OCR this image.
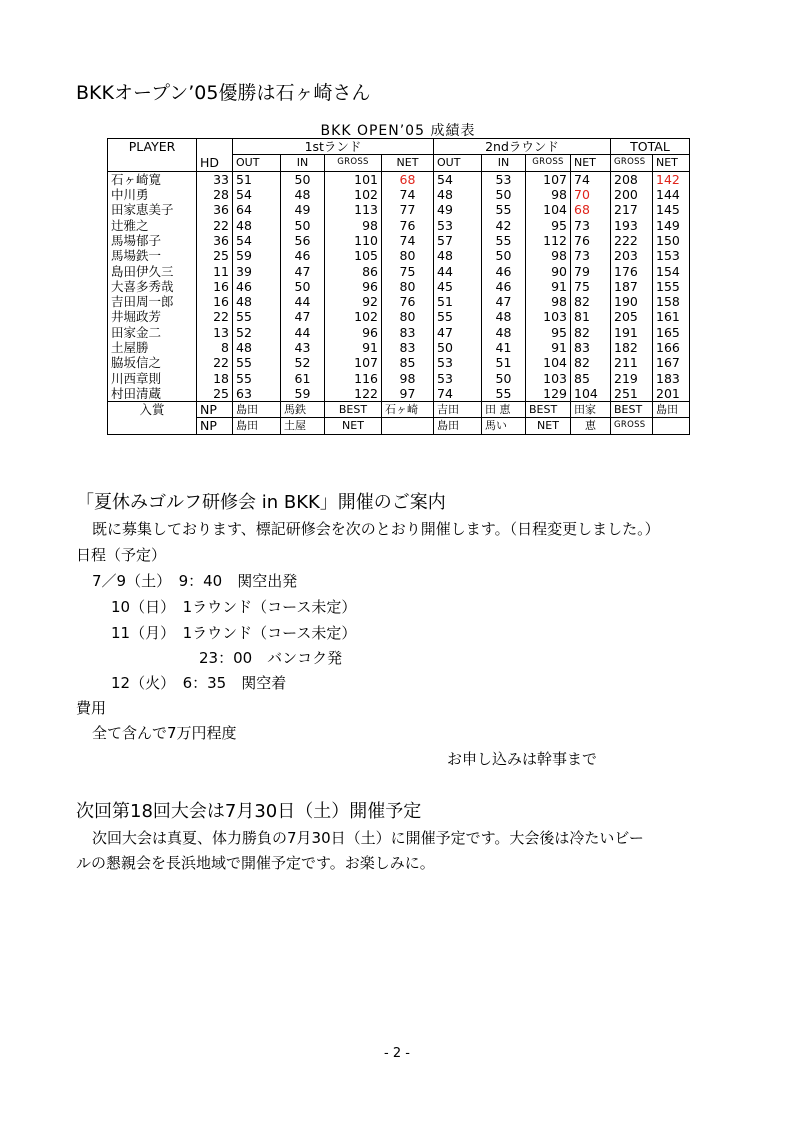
BKKオープン’05優勝は石ヶ崎さん
BKK OPEN’05 成績表
PLAYER		1stランド				2ndラウンド				TOTAL	
	HD	OUT	IN	GROSS	NET	OUT	IN	GROSS	NET	GROSS	NET
石ヶ崎寛	33	51	50	101	68	54	53	107	74	208	142
中川勇	28	54	48	102	74	48	50	98	70	200	144
田家恵美子	36	64	49	113	77	49	55	104	68	217	145
辻雅之	22	48	50	98	76	53	42	95	73	193	149
馬場郁子	36	54	56	110	74	57	55	112	76	222	150
馬場鉄一	25	59	46	105	80	48	50	98	73	203	153
島田伊久三	11	39	47	86	75	44	46	90	79	176	154
大喜多秀哉	16	46	50	96	80	45	46	91	75	187	155
吉田周一郎	16	48	44	92	76	51	47	98	82	190	158
井堀政芳	22	55	47	102	80	55	48	103	81	205	161
田家金二	13	52	44	96	83	47	48	95	82	191	165
土屋勝	8	48	43	91	83	50	41	91	83	182	166
脇坂信之	22	55	52	107	85	53	51	104	82	211	167
川西章則	18	55	61	116	98	53	50	103	85	219	183
村田清蔵	25	63	59	122	97	74	55	129	104	251	201
入賞	NP	島田	馬鉄	BEST	石ヶ崎	吉田	田 恵	BEST	田家	BEST	島田
	NP	島田	土屋	NET		島田	馬い	NET	恵	GROSS	
「夏休みゴルフ研修会 in BKK」開催のご案内
既に募集しております、標記研修会を次のとおり開催します。（日程変更しました。）
日程（予定）
7／9（土）　9：40　関空出発
10（日）　1ラウンド（コース未定）
11（月）　1ラウンド（コース未定）
23：00　バンコク発
12（火）　6：35　関空着
費用
全て含んで7万円程度
お申し込みは幹事まで
次回第18回大会は7月30日（土）開催予定
次回大会は真夏、体力勝負の7月30日（土）に開催予定です。大会後は冷たいビー
ルの懇親会を長浜地域で開催予定です。お楽しみに。
- 2 -
